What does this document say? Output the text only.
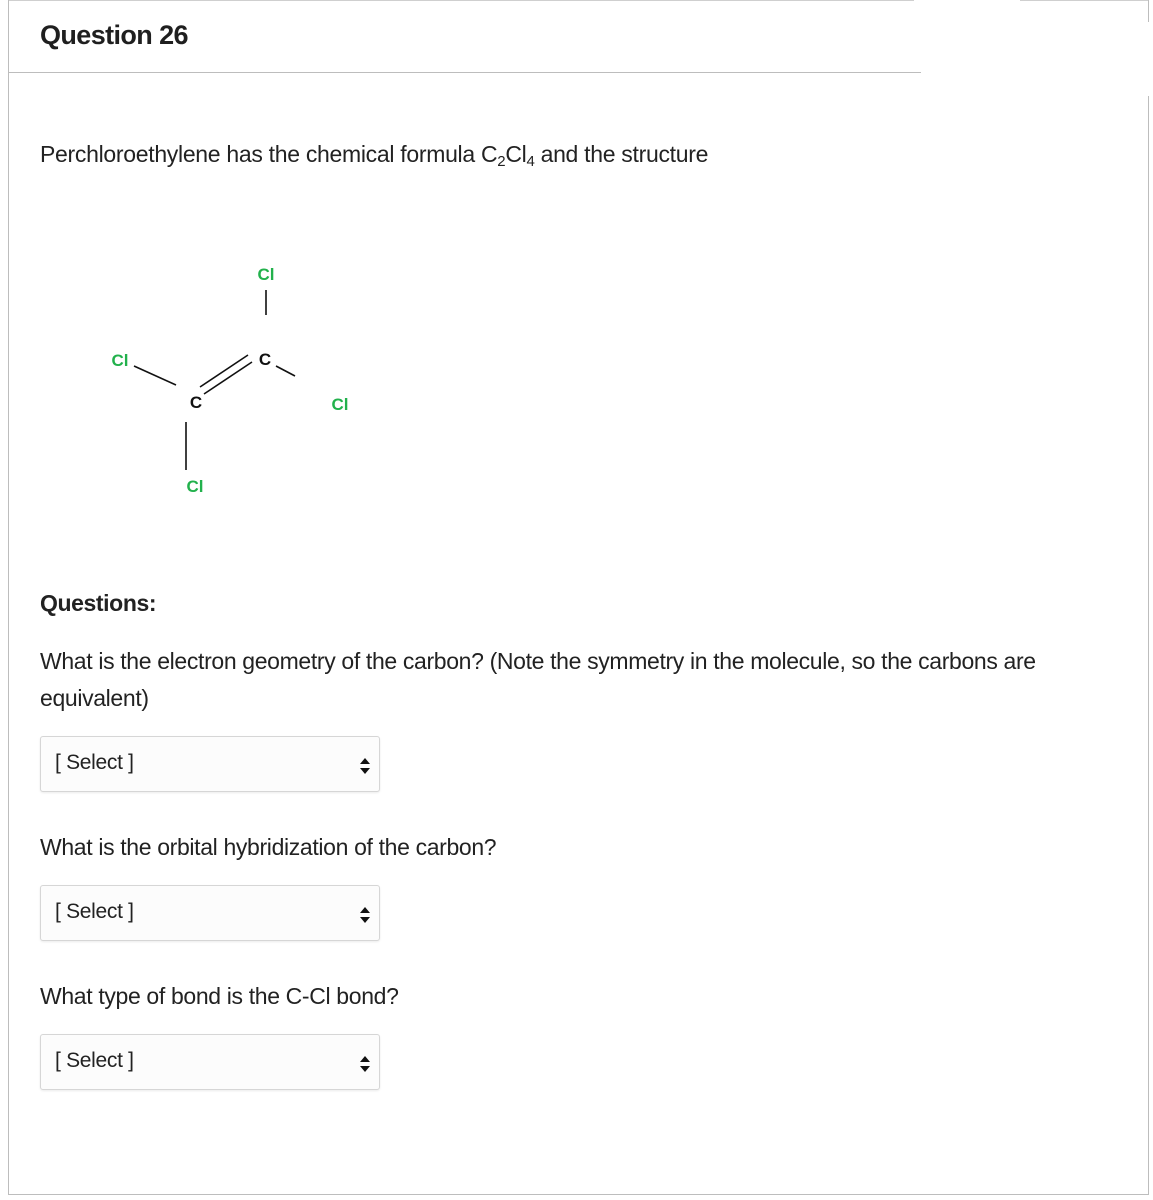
Question 26

Perchloroethylene has the chemical formula $C_2Cl_4$ and the structure

Cl
C
Cl
Cl
C
Cl
Questions:

What is the electron geometry of the carbon? (Note the symmetry in the molecule, so the carbons are equivalent)

[ Select ]

What is the orbital hybridization of the carbon?

[ Select ]

What type of bond is the C-Cl bond?

[ Select ]
